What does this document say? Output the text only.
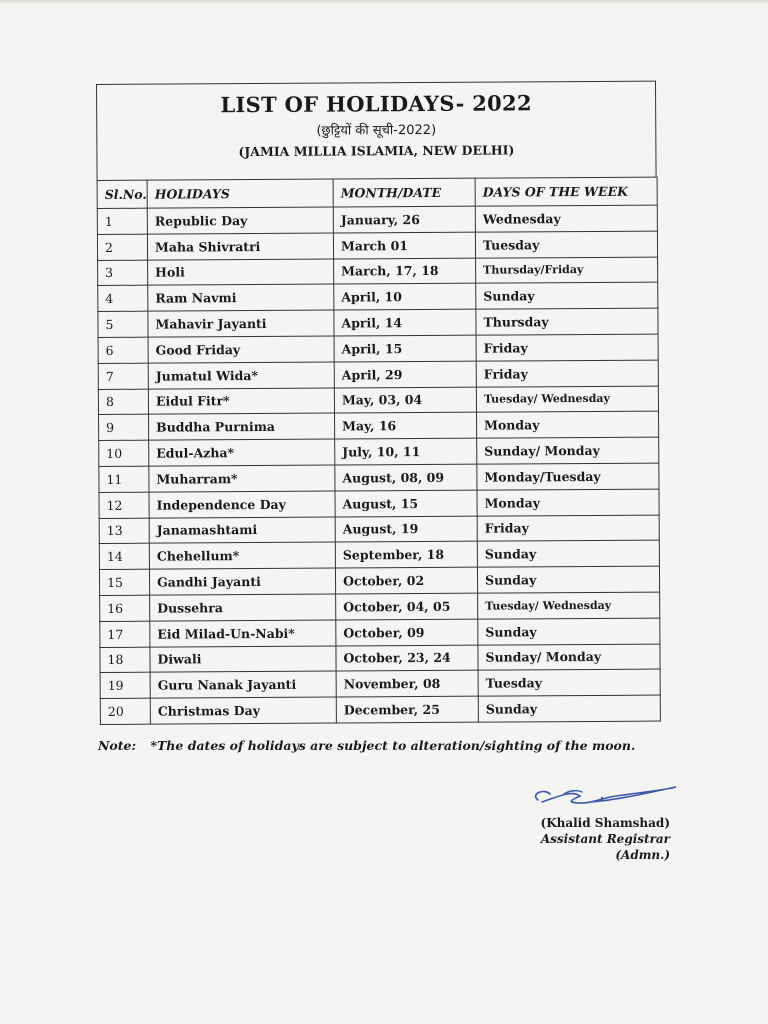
LIST OF HOLIDAYS- 2022
(छुट्टियों की सूची-2022)
(JAMIA MILLIA ISLAMIA, NEW DELHI)
Sl.No.	HOLIDAYS	MONTH/DATE	DAYS OF THE WEEK
1	Republic Day	January, 26	Wednesday
2	Maha Shivratri	March 01	Tuesday
3	Holi	March, 17, 18	Thursday/Friday
4	Ram Navmi	April, 10	Sunday
5	Mahavir Jayanti	April, 14	Thursday
6	Good Friday	April, 15	Friday
7	Jumatul Wida*	April, 29	Friday
8	Eidul Fitr*	May, 03, 04	Tuesday/ Wednesday
9	Buddha Purnima	May, 16	Monday
10	Edul-Azha*	July, 10, 11	Sunday/ Monday
11	Muharram*	August, 08, 09	Monday/Tuesday
12	Independence Day	August, 15	Monday
13	Janamashtami	August, 19	Friday
14	Chehellum*	September, 18	Sunday
15	Gandhi Jayanti	October, 02	Sunday
16	Dussehra	October, 04, 05	Tuesday/ Wednesday
17	Eid Milad-Un-Nabi*	October, 09	Sunday
18	Diwali	October, 23, 24	Sunday/ Monday
19	Guru Nanak Jayanti	November, 08	Tuesday
20	Christmas Day	December, 25	Sunday
Note: *The dates of holidays are subject to alteration/sighting of the moon.
(Khalid Shamshad)
Assistant Registrar (Admn.)
